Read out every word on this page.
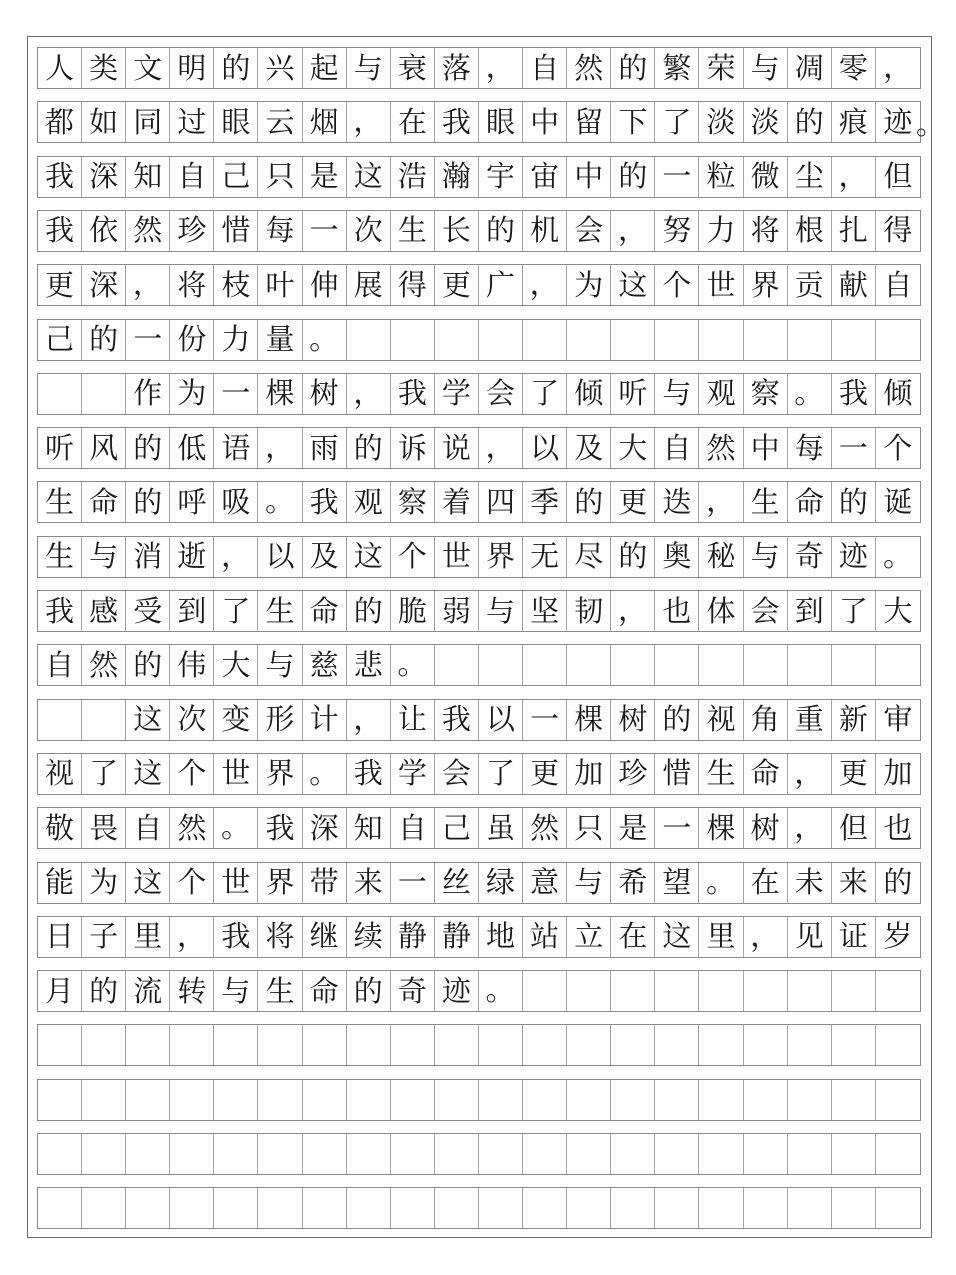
人 类 文 明 的 兴 起 与 衰 落 ， 自 然 的 繁 荣 与 凋 零 ，
都 如 同 过 眼 云 烟 ， 在 我 眼 中 留 下 了 淡 淡 的 痕 迹
我 深 知 自 己 只 是 这 浩 瀚 宇 宙 中 的 一 粒 微 尘 ， 但
我 依 然 珍 惜 每 一 次 生 长 的 机 会 ， 努 力 将 根 扎 得
更 深 ， 将 枝 叶 伸 展 得 更 广 ， 为 这 个 世 界 贡 献 自
己 的 一 份 力 量 。
作 为 一 棵 树 ， 我 学 会 了 倾 听 与 观 察 。 我 倾
听 风 的 低 语 ， 雨 的 诉 说 ， 以 及 大 自 然 中 每 一 个
生 命 的 呼 吸 。 我 观 察 着 四 季 的 更 迭 ， 生 命 的 诞
生 与 消 逝 ， 以 及 这 个 世 界 无 尽 的 奥 秘 与 奇 迹 。
我 感 受 到 了 生 命 的 脆 弱 与 坚 韧 ， 也 体 会 到 了 大
自 然 的 伟 大 与 慈 悲 。
这 次 变 形 计 ， 让 我 以 一 棵 树 的 视 角 重 新 审
视 了 这 个 世 界 。 我 学 会 了 更 加 珍 惜 生 命 ， 更 加
敬 畏 自 然 。 我 深 知 自 己 虽 然 只 是 一 棵 树 ， 但 也
能 为 这 个 世 界 带 来 一 丝 绿 意 与 希 望 。 在 未 来 的
日 子 里 ， 我 将 继 续 静 静 地 站 立 在 这 里 ， 见 证 岁
月 的 流 转 与 生 命 的 奇 迹 。
。
